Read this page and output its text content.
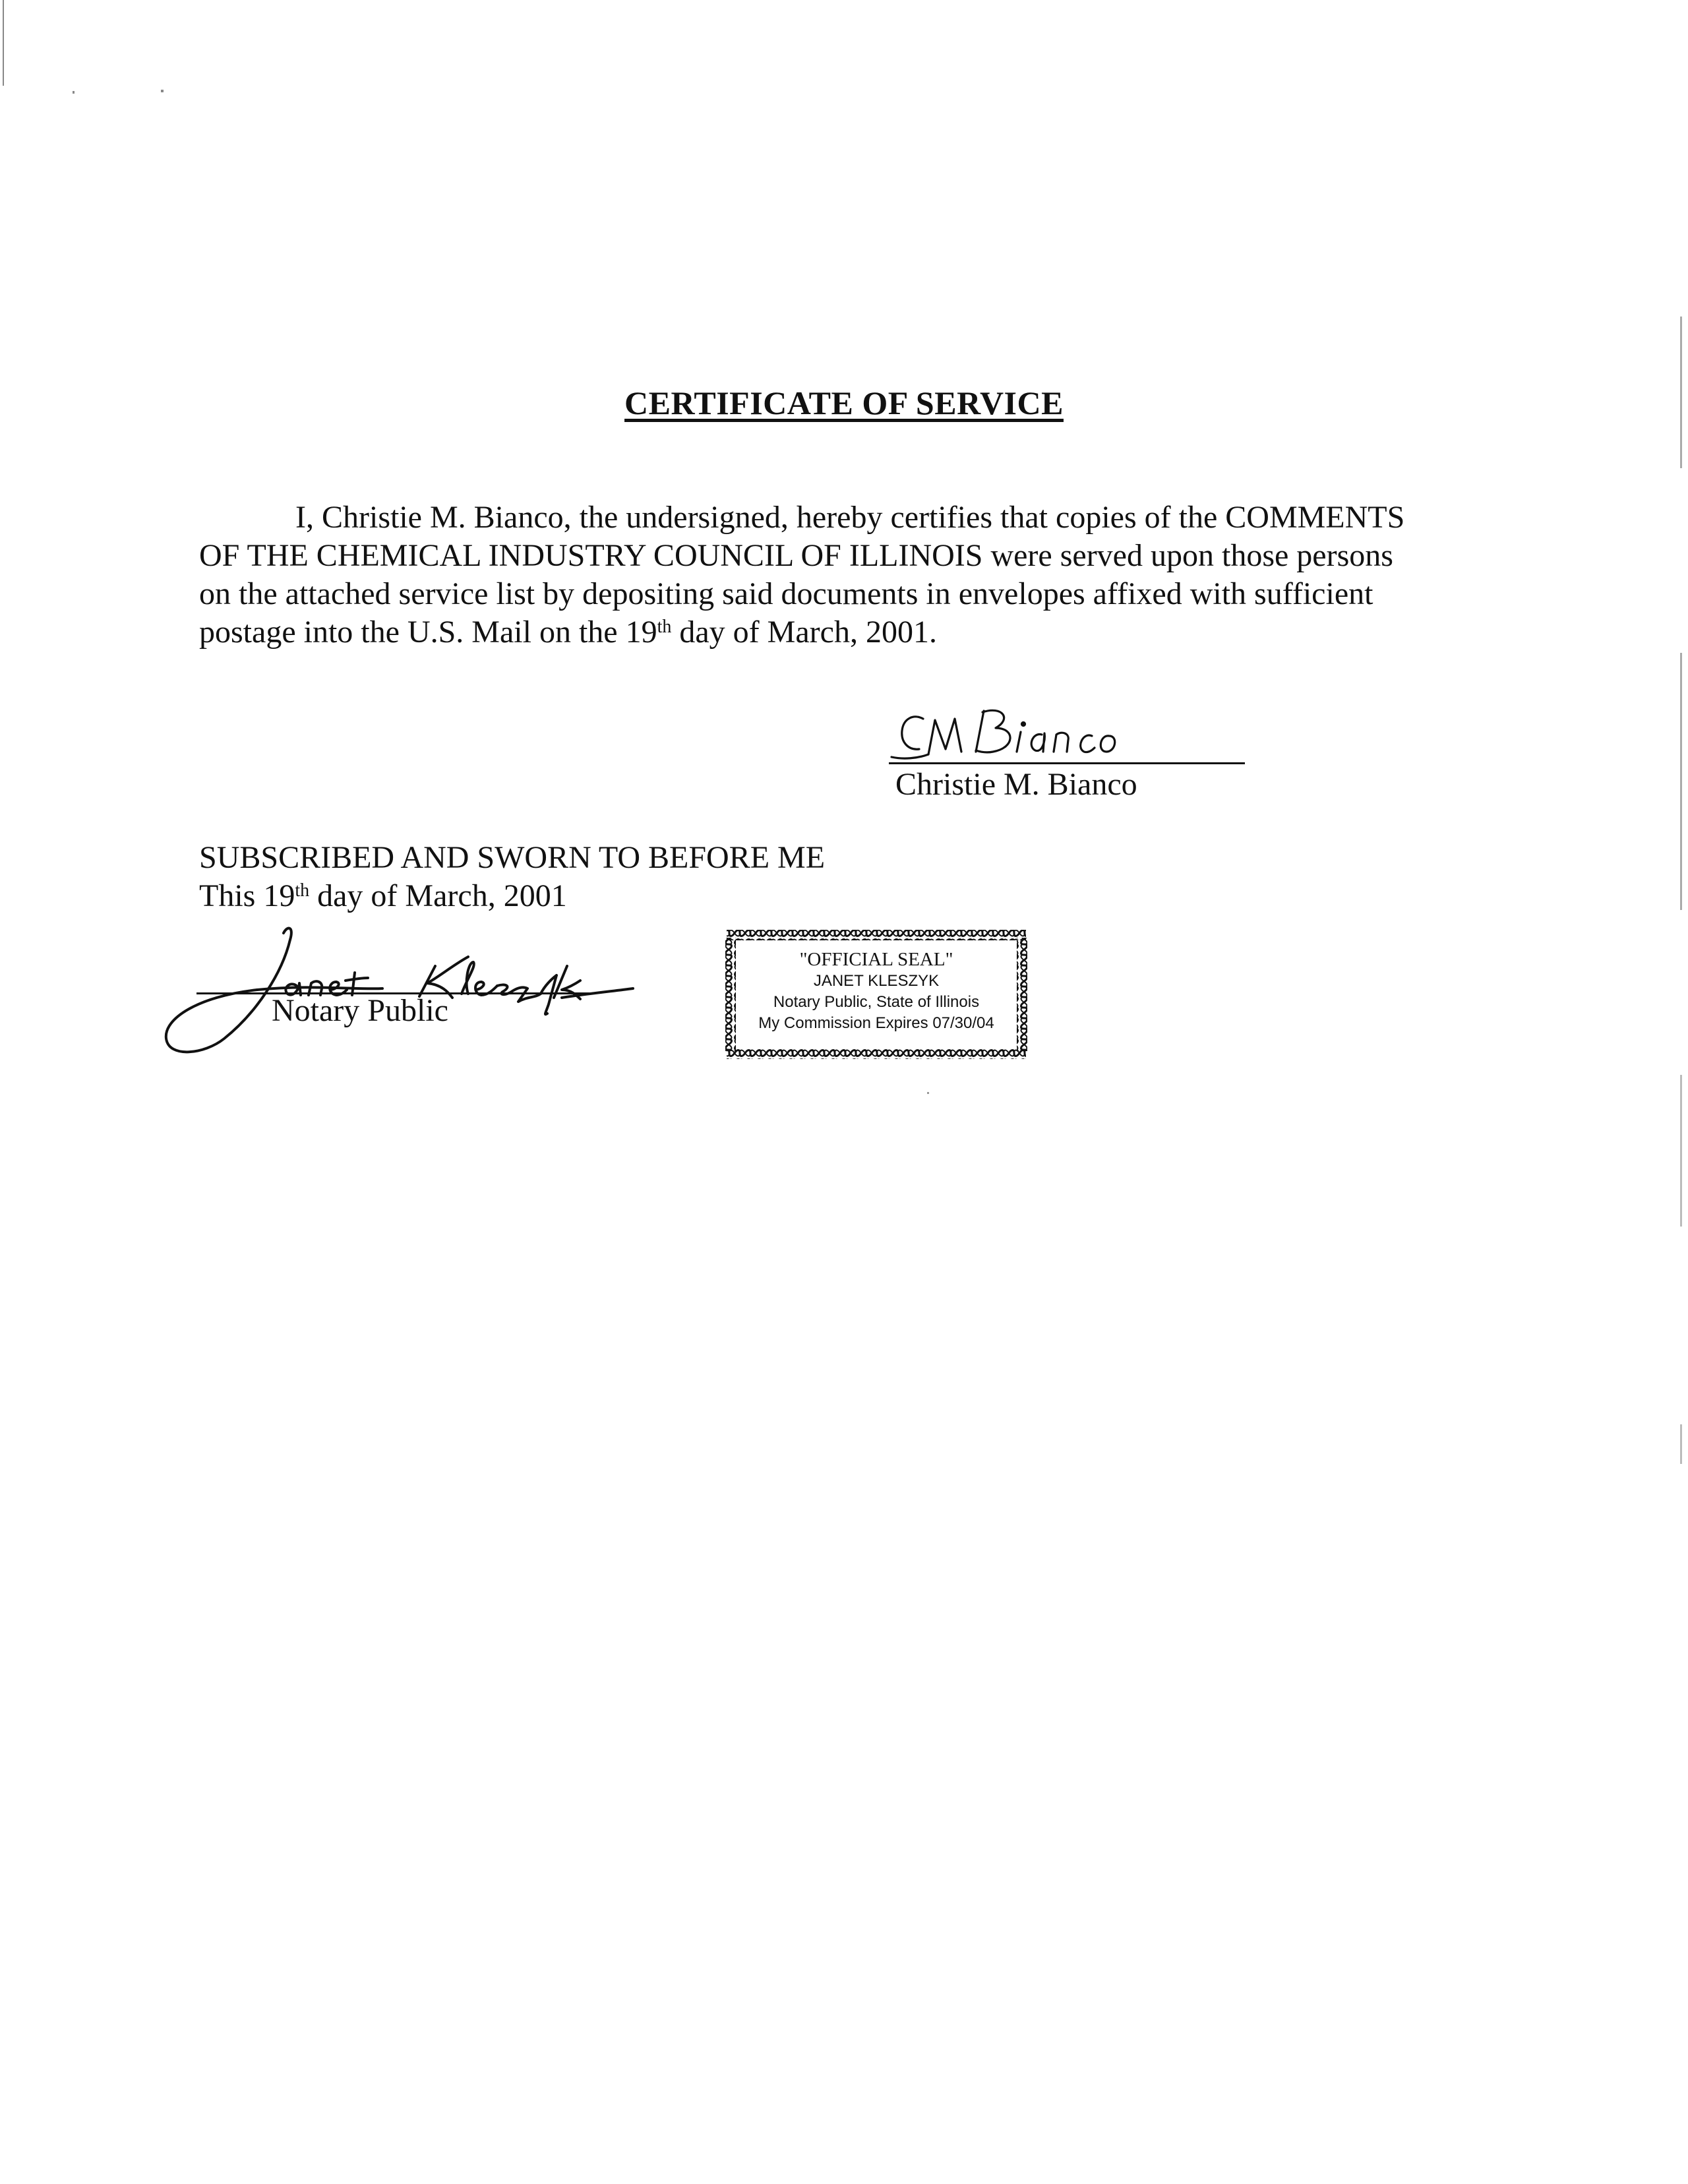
CERTIFICATE OF SERVICE
I, Christie M. Bianco, the undersigned, hereby certifies that copies of the COMMENTS
OF THE CHEMICAL INDUSTRY COUNCIL OF ILLINOIS were served upon those persons
on the attached service list by depositing said documents in envelopes affixed with sufficient
postage into the U.S. Mail on the 19th day of March, 2001.
Christie M. Bianco
SUBSCRIBED AND SWORN TO BEFORE ME
This 19th day of March, 2001
Notary Public
"OFFICIAL SEAL"
JANET KLESZYK
Notary Public, State of Illinois
My Commission Expires 07/30/04
